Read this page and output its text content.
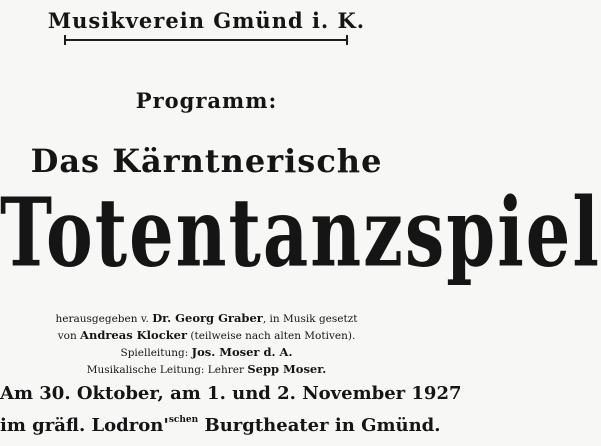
Musikverein Gmünd i. K.
Programm:
Das Kärntnerische
Totentanzspiel
herausgegeben v. Dr. Georg Graber, in Musik gesetzt
von Andreas Klocker (teilweise nach alten Motiven).
Spielleitung: Jos. Moser d. A.
Musikalische Leitung: Lehrer Sepp Moser.
Am 30. Oktober, am 1. und 2. November 1927
im gräfl. $Lodron'^{schen}$ Burgtheater in Gmünd.
